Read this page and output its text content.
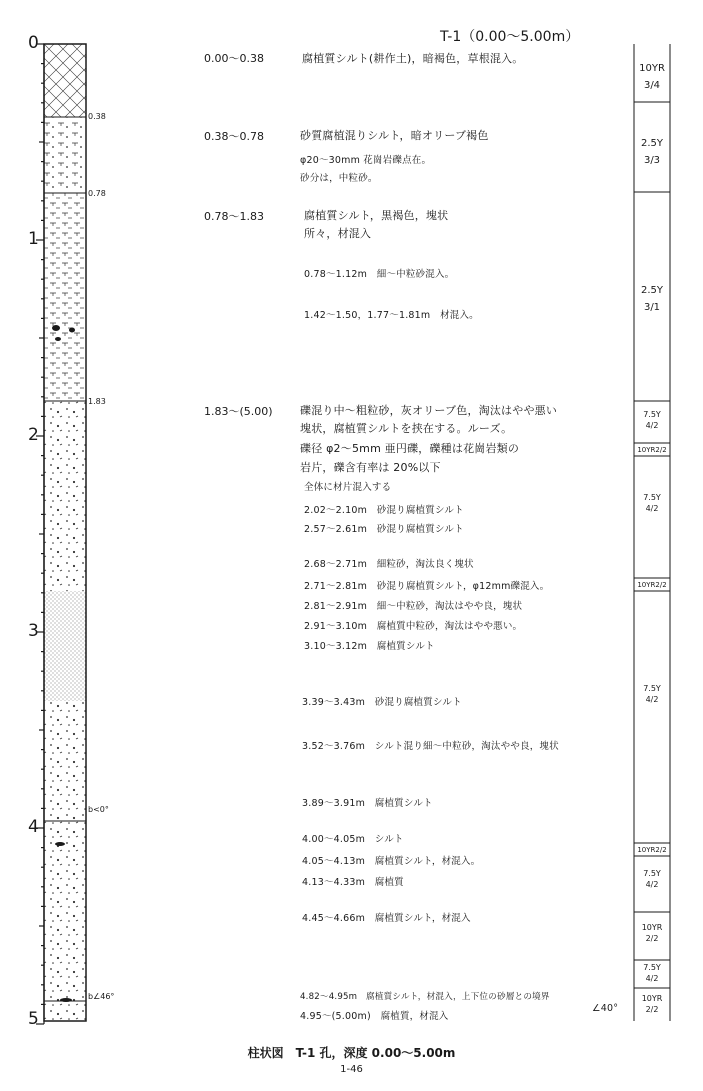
T-1（0.00～5.00m）
0
1
2
3
4
5
0.38
0.78
1.83
b<0°
b∠46°
0.00～0.38	腐植質シルト(耕作土)，暗褐色，草根混入。
0.38～0.78	砂質腐植混りシルト，暗オリーブ褐色
φ20～30mm 花崗岩礫点在。
砂分は，中粒砂。
0.78～1.83	腐植質シルト，黒褐色，塊状
所々，材混入
0.78～1.12m　細～中粒砂混入。
1.42～1.50，1.77～1.81m　材混入。
1.83～(5.00) 礫混り中～粗粒砂，灰オリーブ色，淘汰はやや悪い
塊状，腐植質シルトを挟在する。ルーズ。
礫径 φ2～5mm 亜円礫，礫種は花崗岩類の
岩片，礫含有率は 20%以下
全体に材片混入する
2.02～2.10m　砂混り腐植質シルト
2.57～2.61m　砂混り腐植質シルト
2.68～2.71m　細粒砂，淘汰良く塊状
2.71～2.81m　砂混り腐植質シルト，φ12mm礫混入。
2.81～2.91m　細～中粒砂，淘汰はやや良，塊状
2.91～3.10m　腐植質中粒砂，淘汰はやや悪い。
3.10～3.12m　腐植質シルト
3.39～3.43m　砂混り腐植質シルト
3.52～3.76m　シルト混り細～中粒砂，淘汰やや良，塊状
3.89～3.91m　腐植質シルト
4.00～4.05m　シルト
4.05～4.13m　腐植質シルト，材混入。
4.13～4.33m　腐植質
4.45～4.66m　腐植質シルト，材混入
4.82～4.95m　腐植質シルト，材混入，上下位の砂層との境界
∠40°
4.95～(5.00m)　腐植質，材混入
10YR 3/4
2.5Y 3/3
2.5Y 3/1
7.5Y 4/2
10YR2/2
7.5Y 4/2
10YR2/2
7.5Y 4/2
10YR2/2
7.5Y 4/2
10YR 2/2
7.5Y 4/2
10YR 2/2
柱状図　T-1 孔，深度 0.00～5.00m
1-46
